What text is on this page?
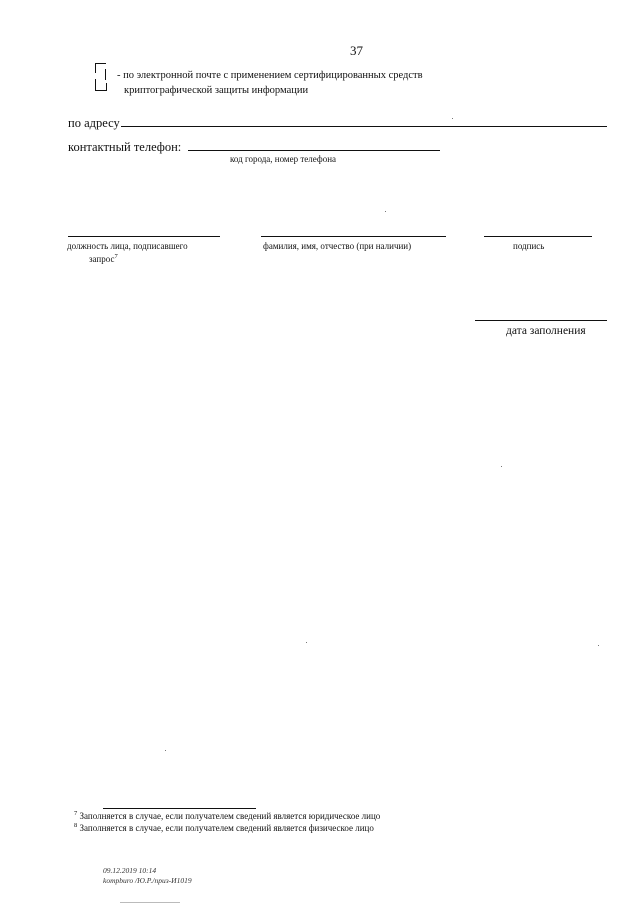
37
- по электронной почте с применением сертифицированных средств
криптографической защиты информации
по адресу
контактный телефон:
код города, номер телефона
должность лица, подписавшего
запрос$^7$
фамилия, имя, отчество (при наличии)	подпись
дата заполнения
$^7$ Заполняется в случае, если получателем сведений является юридическое лицо
$^8$ Заполняется в случае, если получателем сведений является физическое лицо
09.12.2019 10:14
kompburo /Ю.Р./приз-И1019
